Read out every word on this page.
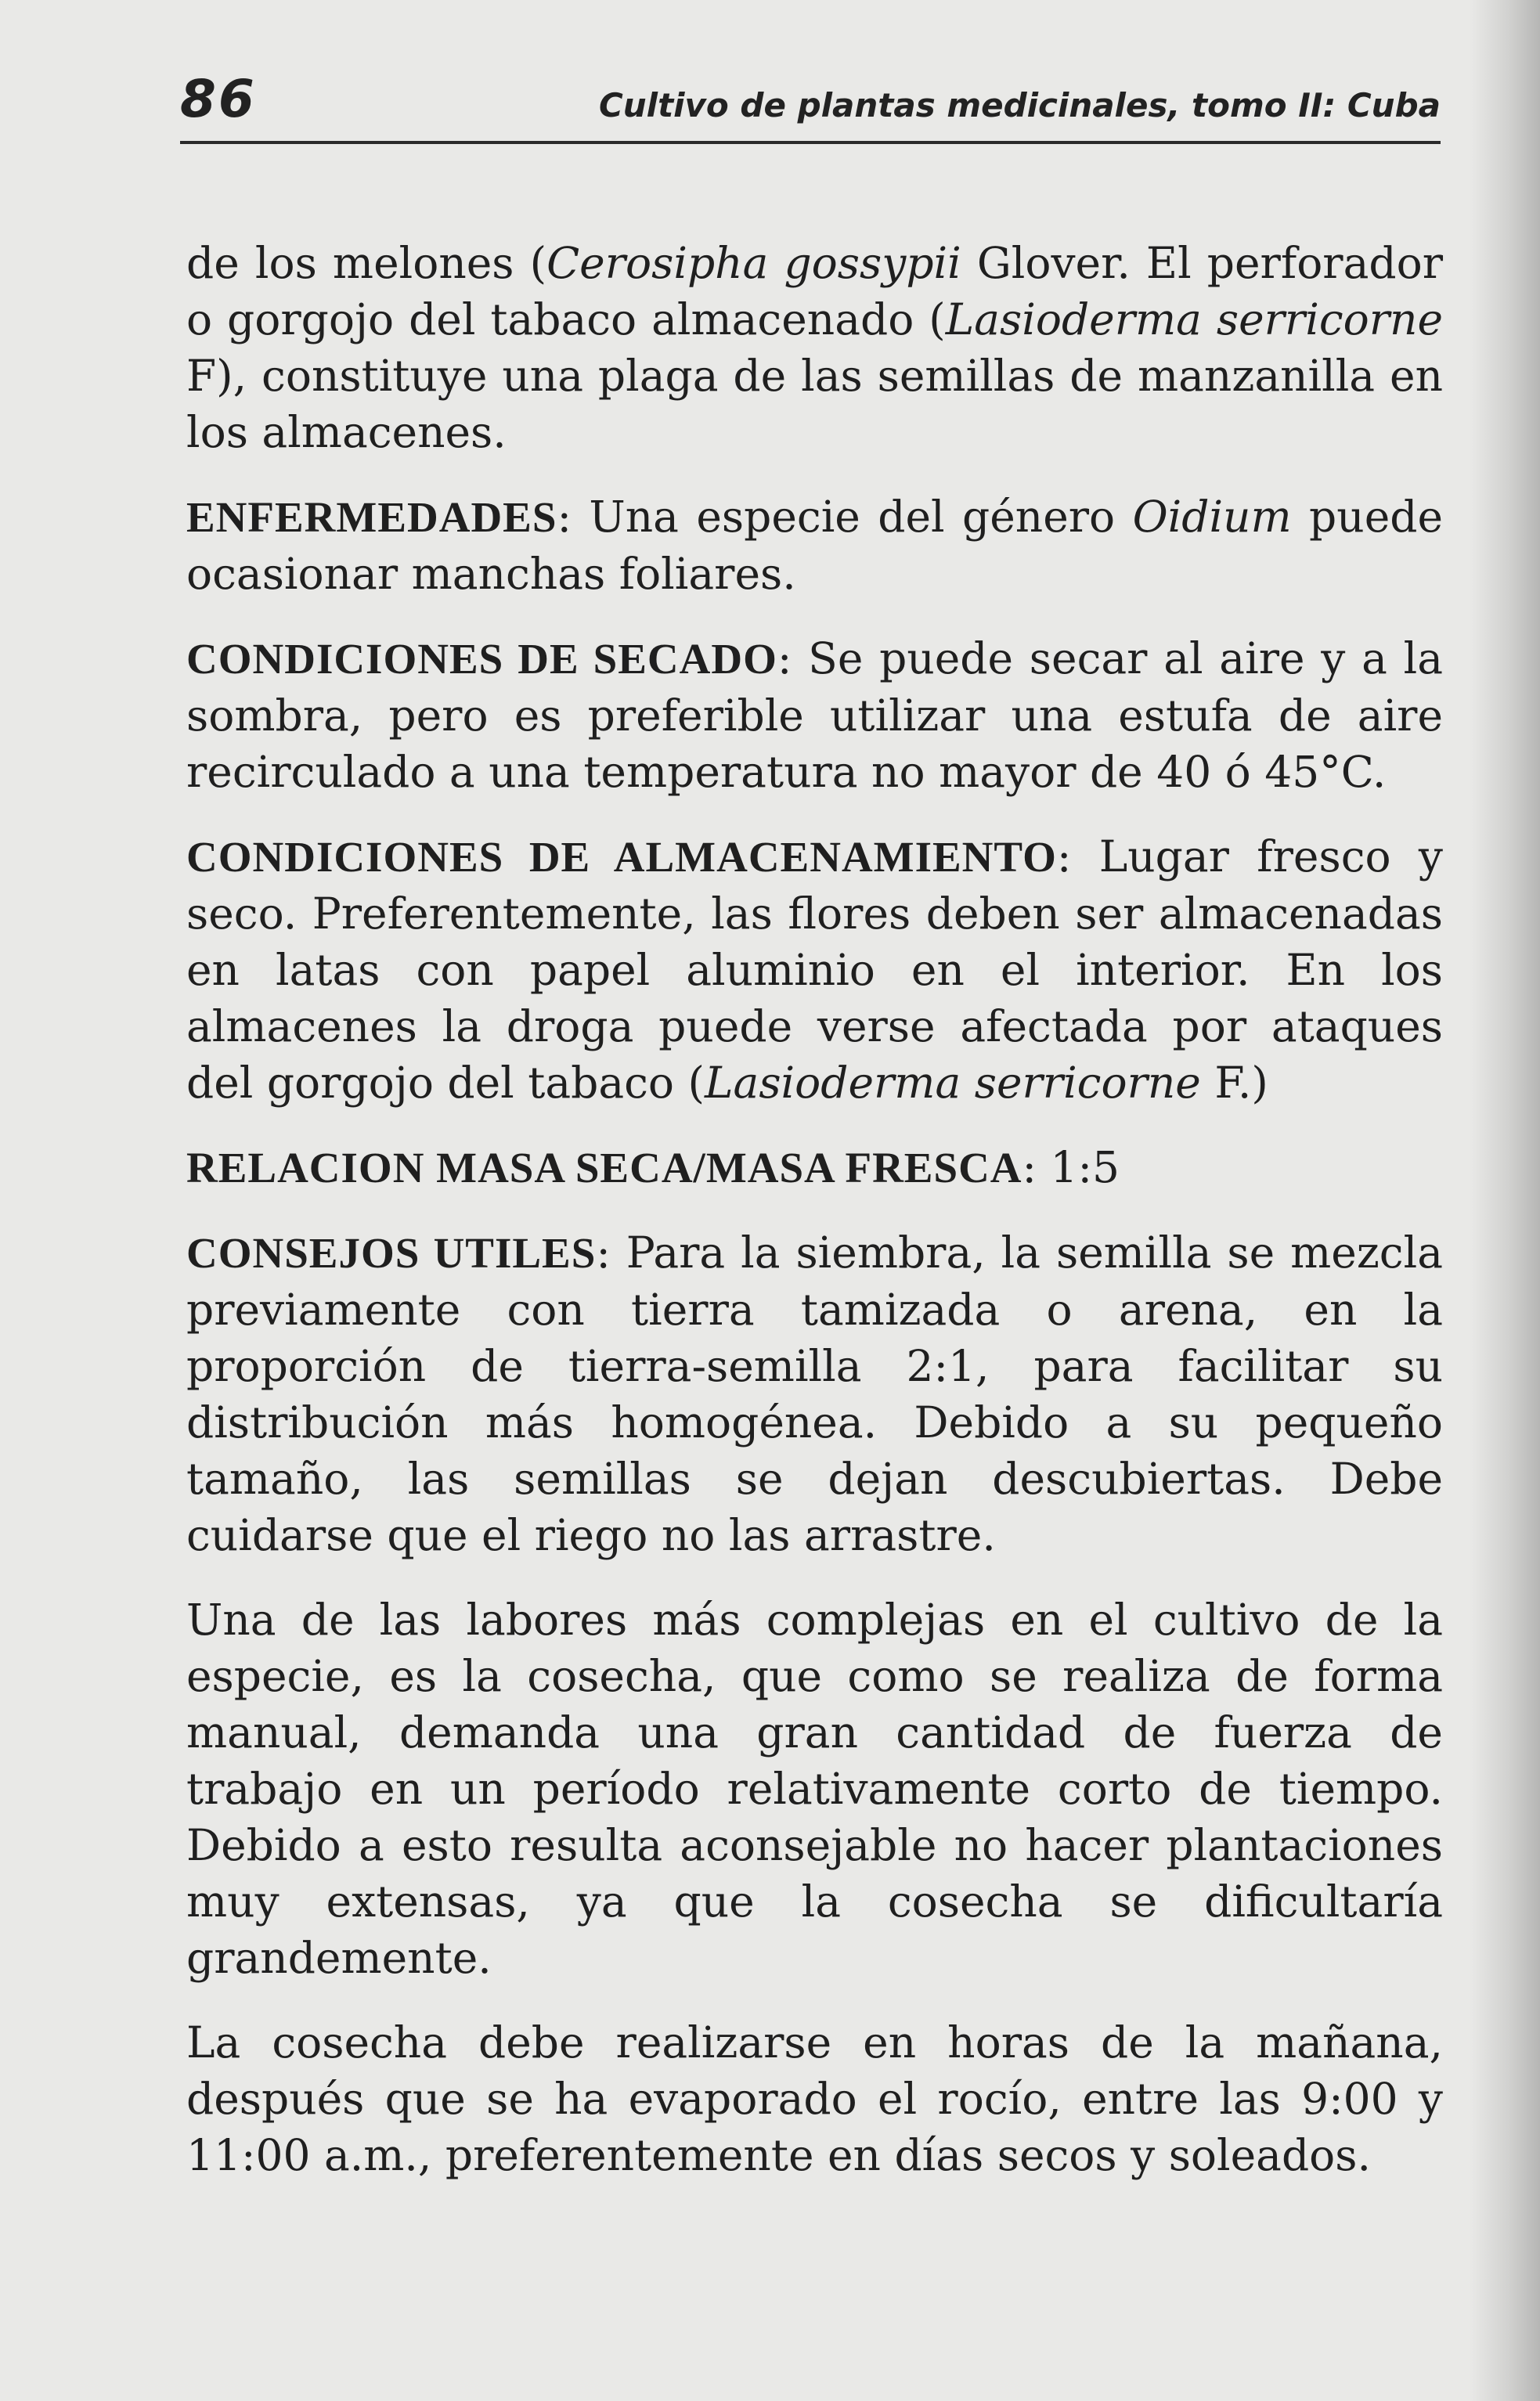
86	Cultivo de plantas medicinales, tomo II: Cuba

de los melones (Cerosipha gossypii Glover. El perforador o gorgojo del tabaco almacenado (Lasioderma serricorne F), constituye una plaga de las semillas de manzanilla en los almacenes.

ENFERMEDADES: Una especie del género Oidium puede ocasionar manchas foliares.

CONDICIONES DE SECADO: Se puede secar al aire y a la sombra, pero es preferible utilizar una estufa de aire recirculado a una temperatura no mayor de 40 ó 45°C.

CONDICIONES DE ALMACENAMIENTO: Lugar fresco y seco. Preferentemente, las flores deben ser almacenadas en latas con papel aluminio en el interior. En los almacenes la droga puede verse afectada por ataques del gorgojo del tabaco (Lasioderma serricorne F.)

RELACION MASA SECA/MASA FRESCA: 1:5

CONSEJOS UTILES: Para la siembra, la semilla se mezcla previamente con tierra tamizada o arena, en la proporción de tierra-semilla 2:1, para facilitar su distribución más homogénea. Debido a su pequeño tamaño, las semillas se dejan descubiertas. Debe cuidarse que el riego no las arrastre.

Una de las labores más complejas en el cultivo de la especie, es la cosecha, que como se realiza de forma manual, demanda una gran cantidad de fuerza de trabajo en un período relativamente corto de tiempo. Debido a esto resulta aconsejable no hacer plantaciones muy extensas, ya que la cosecha se dificultaría grandemente.

La cosecha debe realizarse en horas de la mañana, después que se ha evaporado el rocío, entre las 9:00 y 11:00 a.m., preferentemente en días secos y soleados.
